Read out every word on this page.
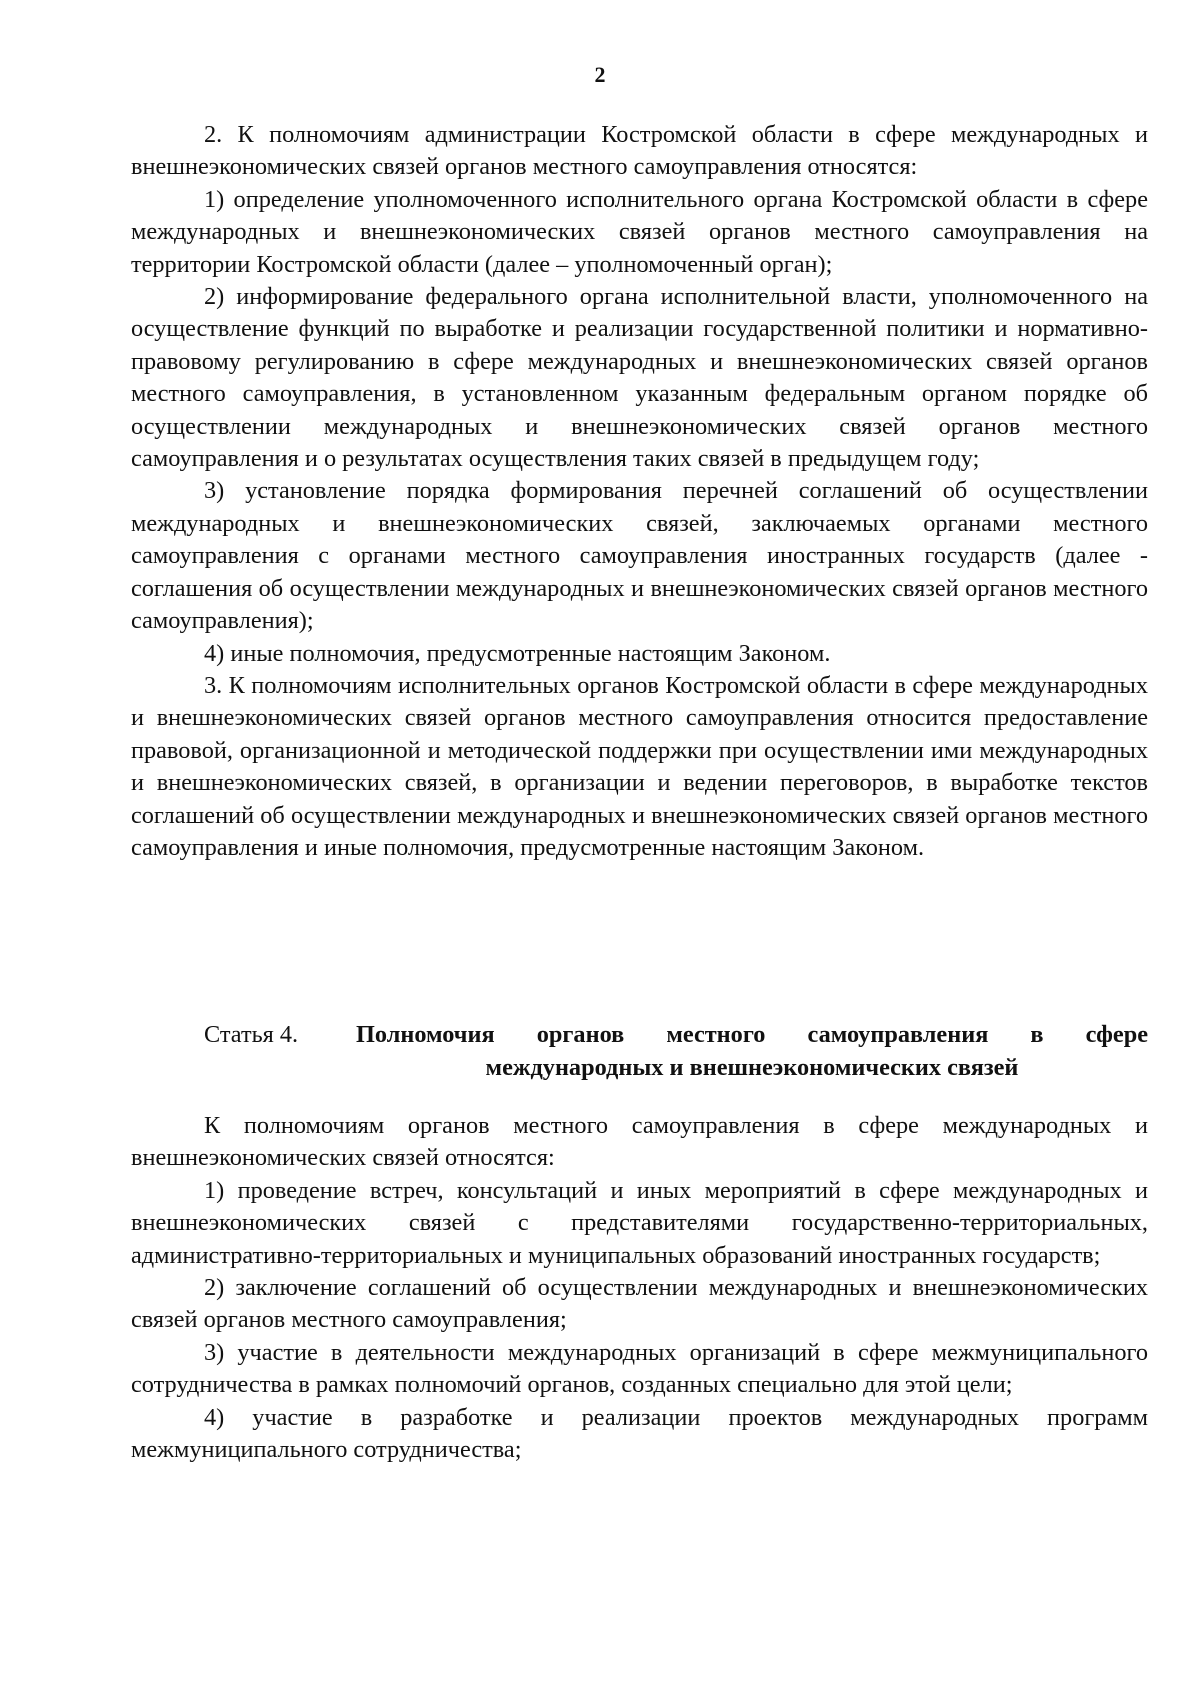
2

2. К полномочиям администрации Костромской области в сфере международных и внешнеэкономических связей органов местного самоуправления относятся:

1) определение уполномоченного исполнительного органа Костромской области в сфере международных и внешнеэкономических связей органов местного самоуправления на территории Костромской области (далее – уполномоченный орган);

2) информирование федерального органа исполнительной власти, уполномоченного на осуществление функций по выработке и реализации государственной политики и нормативно-правовому регулированию в сфере международных и внешнеэкономических связей органов местного самоуправления, в установленном указанным федеральным органом порядке об осуществлении международных и внешнеэкономических связей органов местного самоуправления и о результатах осуществления таких связей в предыдущем году;

3) установление порядка формирования перечней соглашений об осуществлении международных и внешнеэкономических связей, заключаемых органами местного самоуправления с органами местного самоуправления иностранных государств (далее - соглашения об осуществлении международных и внешнеэкономических связей органов местного самоуправления);

4) иные полномочия, предусмотренные настоящим Законом.

3. К полномочиям исполнительных органов Костромской области в сфере международных и внешнеэкономических связей органов местного самоуправления относится предоставление правовой, организационной и методической поддержки при осуществлении ими международных и внешнеэкономических связей, в организации и ведении переговоров, в выработке текстов соглашений об осуществлении международных и внешнеэкономических связей органов местного самоуправления и иные полномочия, предусмотренные настоящим Законом.

Статья 4. Полномочия органов местного самоуправления в сфере международных и внешнеэкономических связей

К полномочиям органов местного самоуправления в сфере международных и внешнеэкономических связей относятся:

1) проведение встреч, консультаций и иных мероприятий в сфере международных и внешнеэкономических связей с представителями государственно-территориальных, административно-территориальных и муниципальных образований иностранных государств;

2) заключение соглашений об осуществлении международных и внешнеэкономических связей органов местного самоуправления;

3) участие в деятельности международных организаций в сфере межмуниципального сотрудничества в рамках полномочий органов, созданных специально для этой цели;

4) участие в разработке и реализации проектов международных программ межмуниципального сотрудничества;
